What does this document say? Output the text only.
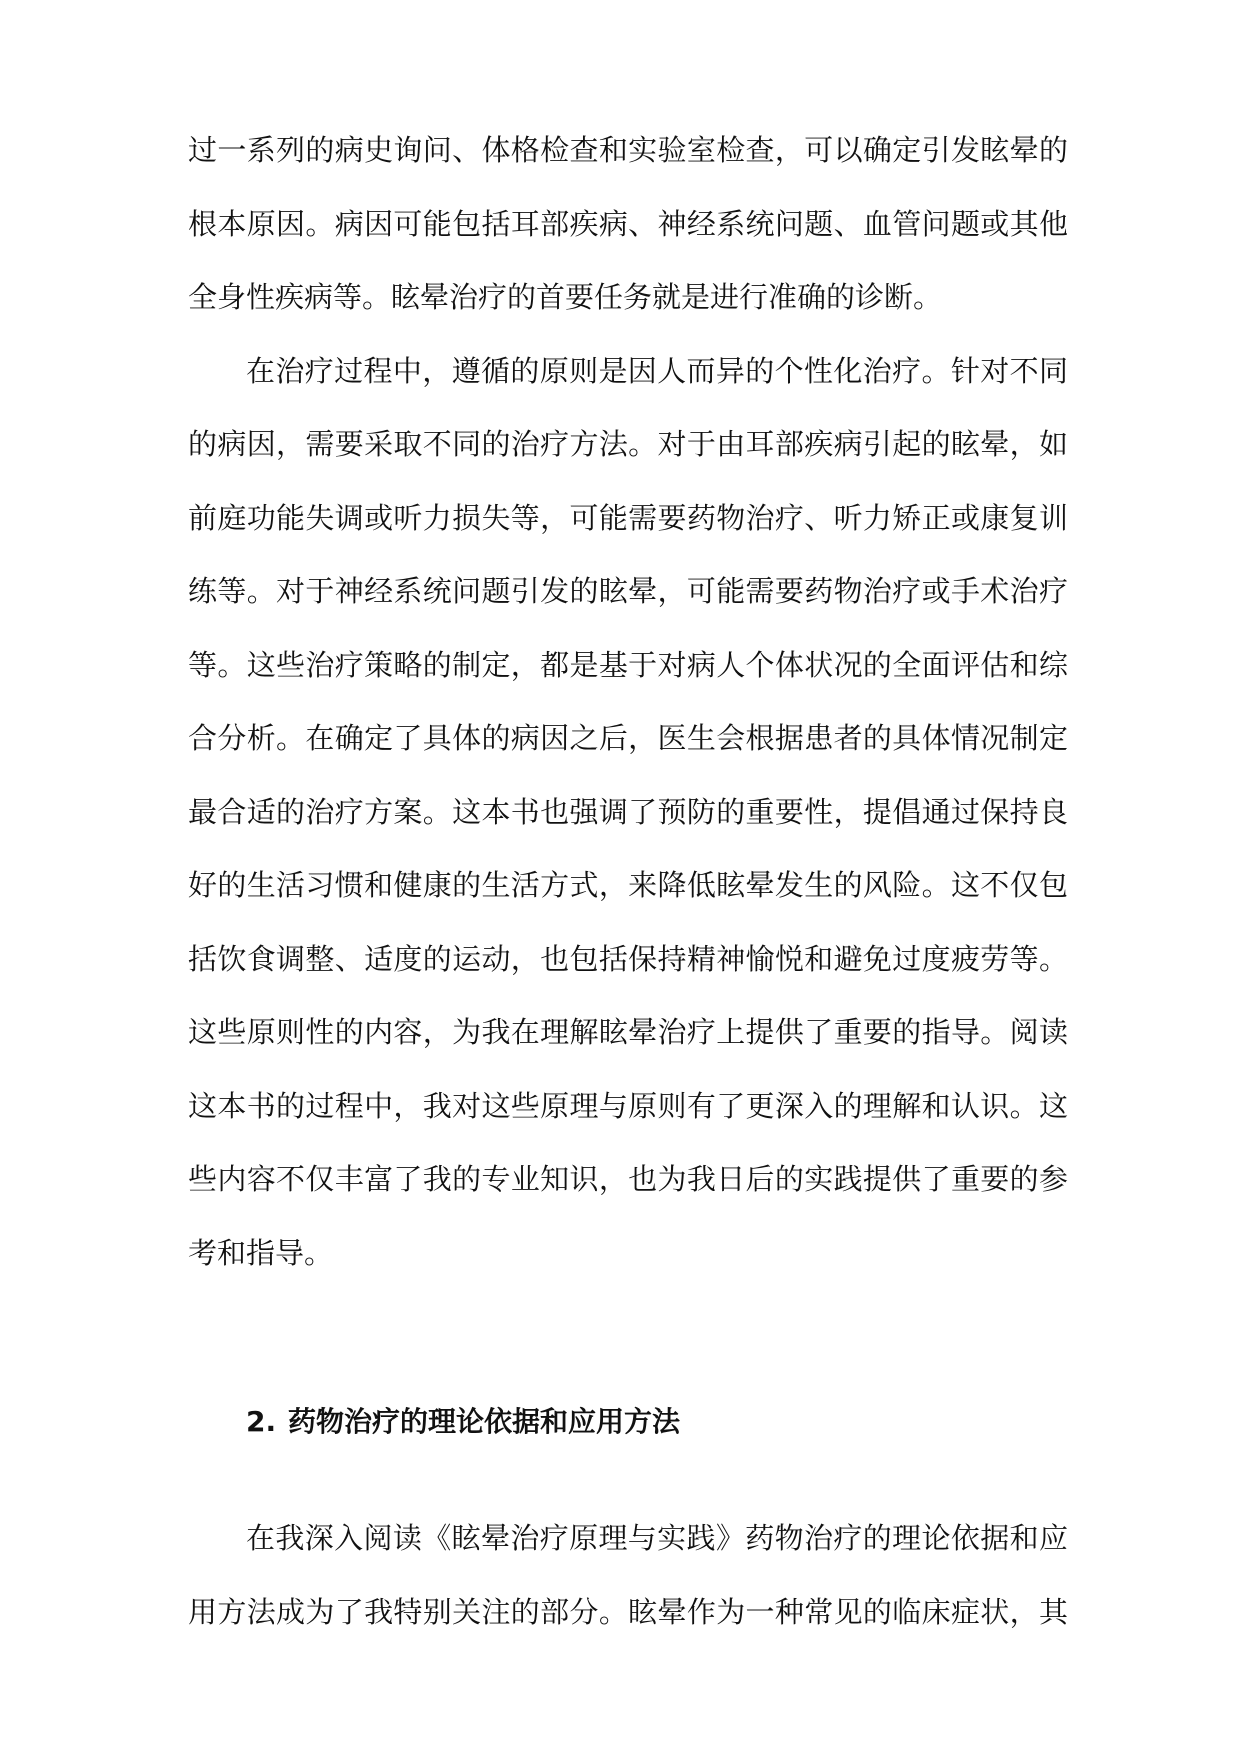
过一系列的病史询问、体格检查和实验室检查，可以确定引发眩晕的
根本原因。病因可能包括耳部疾病、神经系统问题、血管问题或其他
全身性疾病等。眩晕治疗的首要任务就是进行准确的诊断。
在治疗过程中，遵循的原则是因人而异的个性化治疗。针对不同
的病因，需要采取不同的治疗方法。对于由耳部疾病引起的眩晕，如
前庭功能失调或听力损失等，可能需要药物治疗、听力矫正或康复训
练等。对于神经系统问题引发的眩晕，可能需要药物治疗或手术治疗
等。这些治疗策略的制定，都是基于对病人个体状况的全面评估和综
合分析。在确定了具体的病因之后，医生会根据患者的具体情况制定
最合适的治疗方案。这本书也强调了预防的重要性，提倡通过保持良
好的生活习惯和健康的生活方式，来降低眩晕发生的风险。这不仅包
括饮食调整、适度的运动，也包括保持精神愉悦和避免过度疲劳等。
这些原则性的内容，为我在理解眩晕治疗上提供了重要的指导。阅读
这本书的过程中，我对这些原理与原则有了更深入的理解和认识。这
些内容不仅丰富了我的专业知识，也为我日后的实践提供了重要的参
考和指导。
2. 药物治疗的理论依据和应用方法
在我深入阅读《眩晕治疗原理与实践》药物治疗的理论依据和应
用方法成为了我特别关注的部分。眩晕作为一种常见的临床症状，其
